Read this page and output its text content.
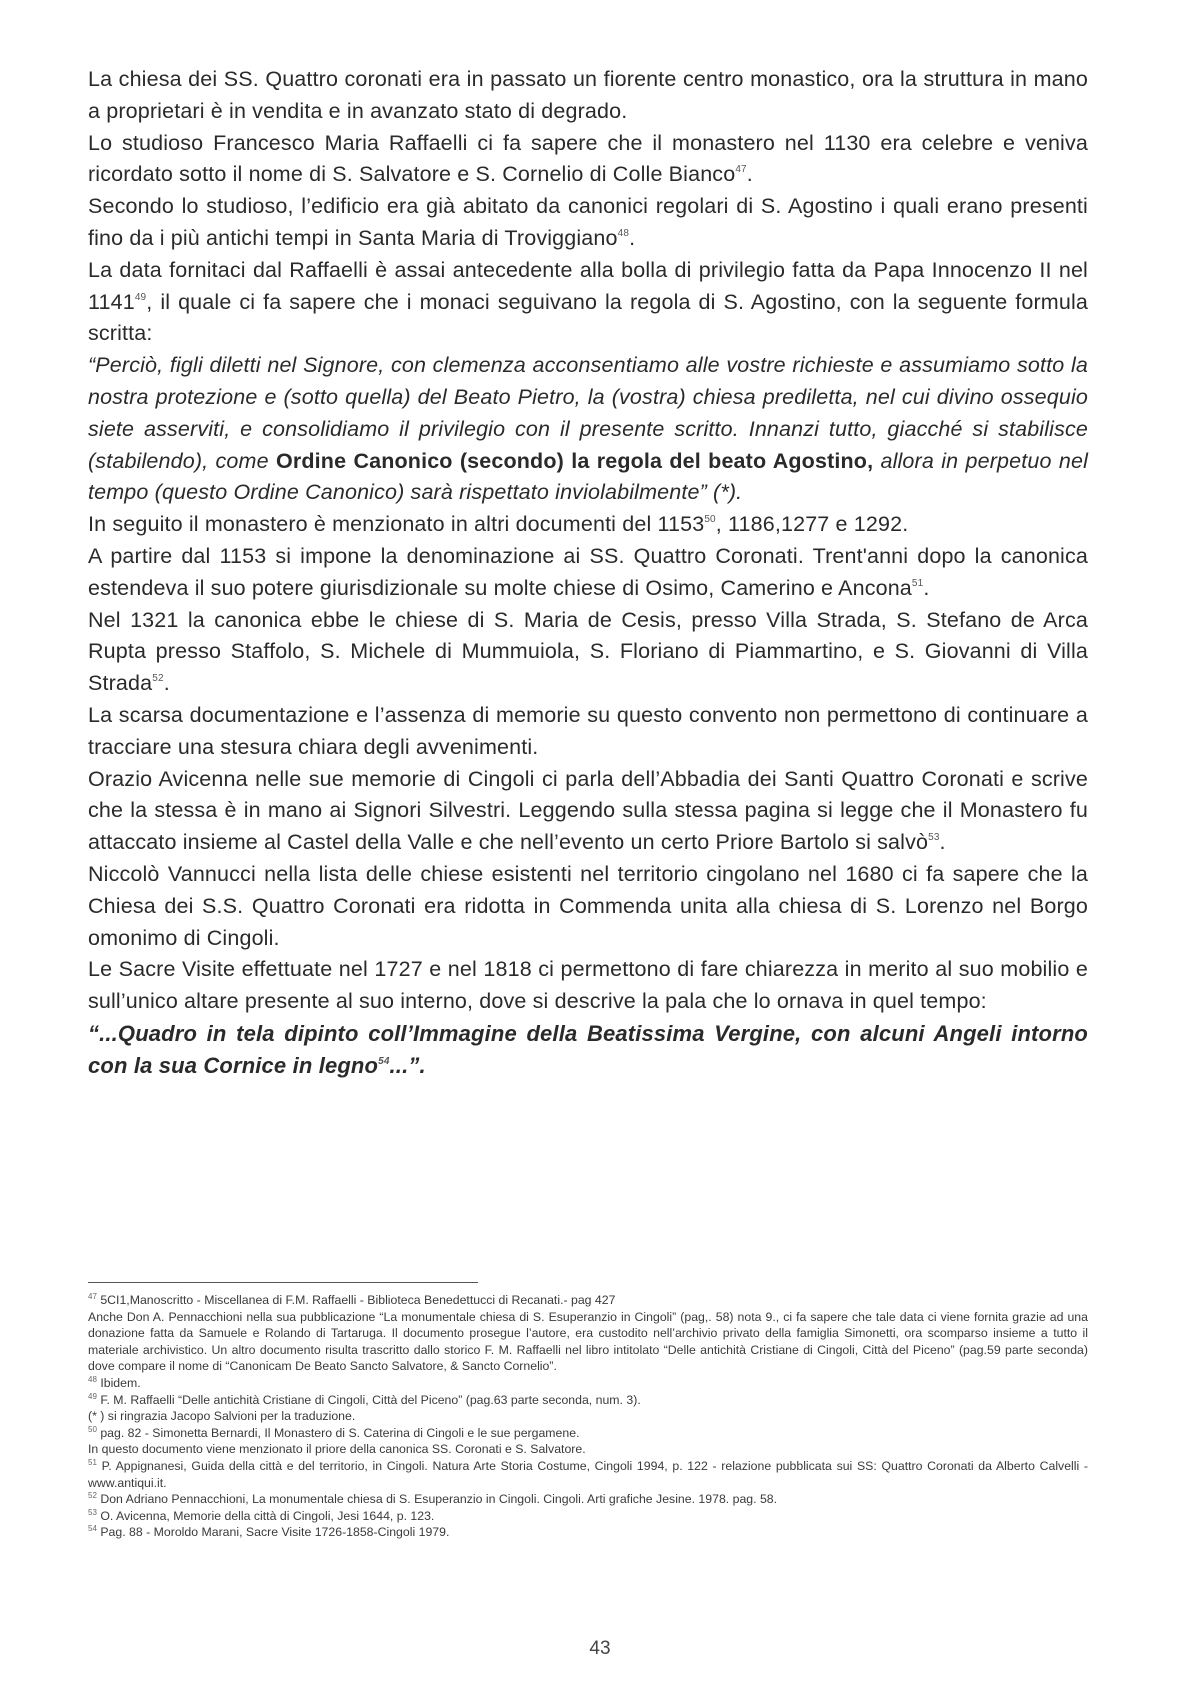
La chiesa dei SS. Quattro coronati era in passato un fiorente centro monastico, ora la struttura in mano a proprietari è in vendita e in avanzato stato di degrado.

Lo studioso Francesco Maria Raffaelli ci fa sapere che il monastero nel 1130 era celebre e veniva ricordato sotto il nome di S. Salvatore e S. Cornelio di Colle Bianco$^{47}$.

Secondo lo studioso, l’edificio era già abitato da canonici regolari di S. Agostino i quali erano presenti fino da i più antichi tempi in Santa Maria di Troviggiano$^{48}$.

La data fornitaci dal Raffaelli è assai antecedente alla bolla di privilegio fatta da Papa Innocenzo II nel 1141$^{49}$, il quale ci fa sapere che i monaci seguivano la regola di S. Agostino, con la seguente formula scritta:

“Perciò, figli diletti nel Signore, con clemenza acconsentiamo alle vostre richieste e assumiamo sotto la nostra protezione e (sotto quella) del Beato Pietro, la (vostra) chiesa prediletta, nel cui divino ossequio siete asserviti, e consolidiamo il privilegio con il presente scritto. Innanzi tutto, giacché si stabilisce (stabilendo), come Ordine Canonico (secondo) la regola del beato Agostino, allora in perpetuo nel tempo (questo Ordine Canonico) sarà rispettato inviolabilmente” (*).

In seguito il monastero è menzionato in altri documenti del 1153$^{50}$, 1186,1277 e 1292.

A partire dal 1153 si impone la denominazione ai SS. Quattro Coronati. Trent'anni dopo la canonica estendeva il suo potere giurisdizionale su molte chiese di Osimo, Camerino e Ancona$^{51}$.

Nel 1321 la canonica ebbe le chiese di S. Maria de Cesis, presso Villa Strada, S. Stefano de Arca Rupta presso Staffolo, S. Michele di Mummuiola, S. Floriano di Piammartino, e S. Giovanni di Villa Strada$^{52}$.

La scarsa documentazione e l’assenza di memorie su questo convento non permettono di continuare a tracciare una stesura chiara degli avvenimenti.

Orazio Avicenna nelle sue memorie di Cingoli ci parla dell’Abbadia dei Santi Quattro Coronati e scrive che la stessa è in mano ai Signori Silvestri. Leggendo sulla stessa pagina si legge che il Monastero fu attaccato insieme al Castel della Valle e che nell’evento un certo Priore Bartolo si salvò$^{53}$.

Niccolò Vannucci nella lista delle chiese esistenti nel territorio cingolano nel 1680 ci fa sapere che la Chiesa dei S.S. Quattro Coronati era ridotta in Commenda unita alla chiesa di S. Lorenzo nel Borgo omonimo di Cingoli.

Le Sacre Visite effettuate nel 1727 e nel 1818 ci permettono di fare chiarezza in merito al suo mobilio e sull’unico altare presente al suo interno, dove si descrive la pala che lo ornava in quel tempo:

“...Quadro in tela dipinto coll’Immagine della Beatissima Vergine, con alcuni Angeli intorno con la sua Cornice in legno$^{54}$...”.

$^{47}$ 5CI1,Manoscritto - Miscellanea di F.M. Raffaelli - Biblioteca Benedettucci di Recanati.- pag 427

Anche Don A. Pennacchioni nella sua pubblicazione “La monumentale chiesa di S. Esuperanzio in Cingoli” (pag,. 58) nota 9., ci fa sapere che tale data ci viene fornita grazie ad una donazione fatta da Samuele e Rolando di Tartaruga. Il documento prosegue l’autore, era custodito nell’archivio privato della famiglia Simonetti, ora scomparso insieme a tutto il materiale archivistico. Un altro documento risulta trascritto dallo storico F. M. Raffaelli nel libro intitolato “Delle antichità Cristiane di Cingoli, Città del Piceno” (pag.59 parte seconda) dove compare il nome di “Canonicam De Beato Sancto Salvatore, & Sancto Cornelio”.

$^{48}$ Ibidem.

$^{49}$ F. M. Raffaelli “Delle antichità Cristiane di Cingoli, Città del Piceno” (pag.63 parte seconda, num. 3).

(* ) si ringrazia Jacopo Salvioni per la traduzione.

$^{50}$ pag. 82 - Simonetta Bernardi, Il Monastero di S. Caterina di Cingoli e le sue pergamene.

In questo documento viene menzionato il priore della canonica SS. Coronati e S. Salvatore.

$^{51}$ P. Appignanesi, Guida della città e del territorio, in Cingoli. Natura Arte Storia Costume, Cingoli 1994, p. 122 - relazione pubblicata sui SS: Quattro Coronati da Alberto Calvelli - www.antiqui.it.

$^{52}$ Don Adriano Pennacchioni, La monumentale chiesa di S. Esuperanzio in Cingoli. Cingoli. Arti grafiche Jesine. 1978. pag. 58.

$^{53}$ O. Avicenna, Memorie della città di Cingoli, Jesi 1644, p. 123.

$^{54}$ Pag. 88 - Moroldo Marani, Sacre Visite 1726-1858-Cingoli 1979.

43
